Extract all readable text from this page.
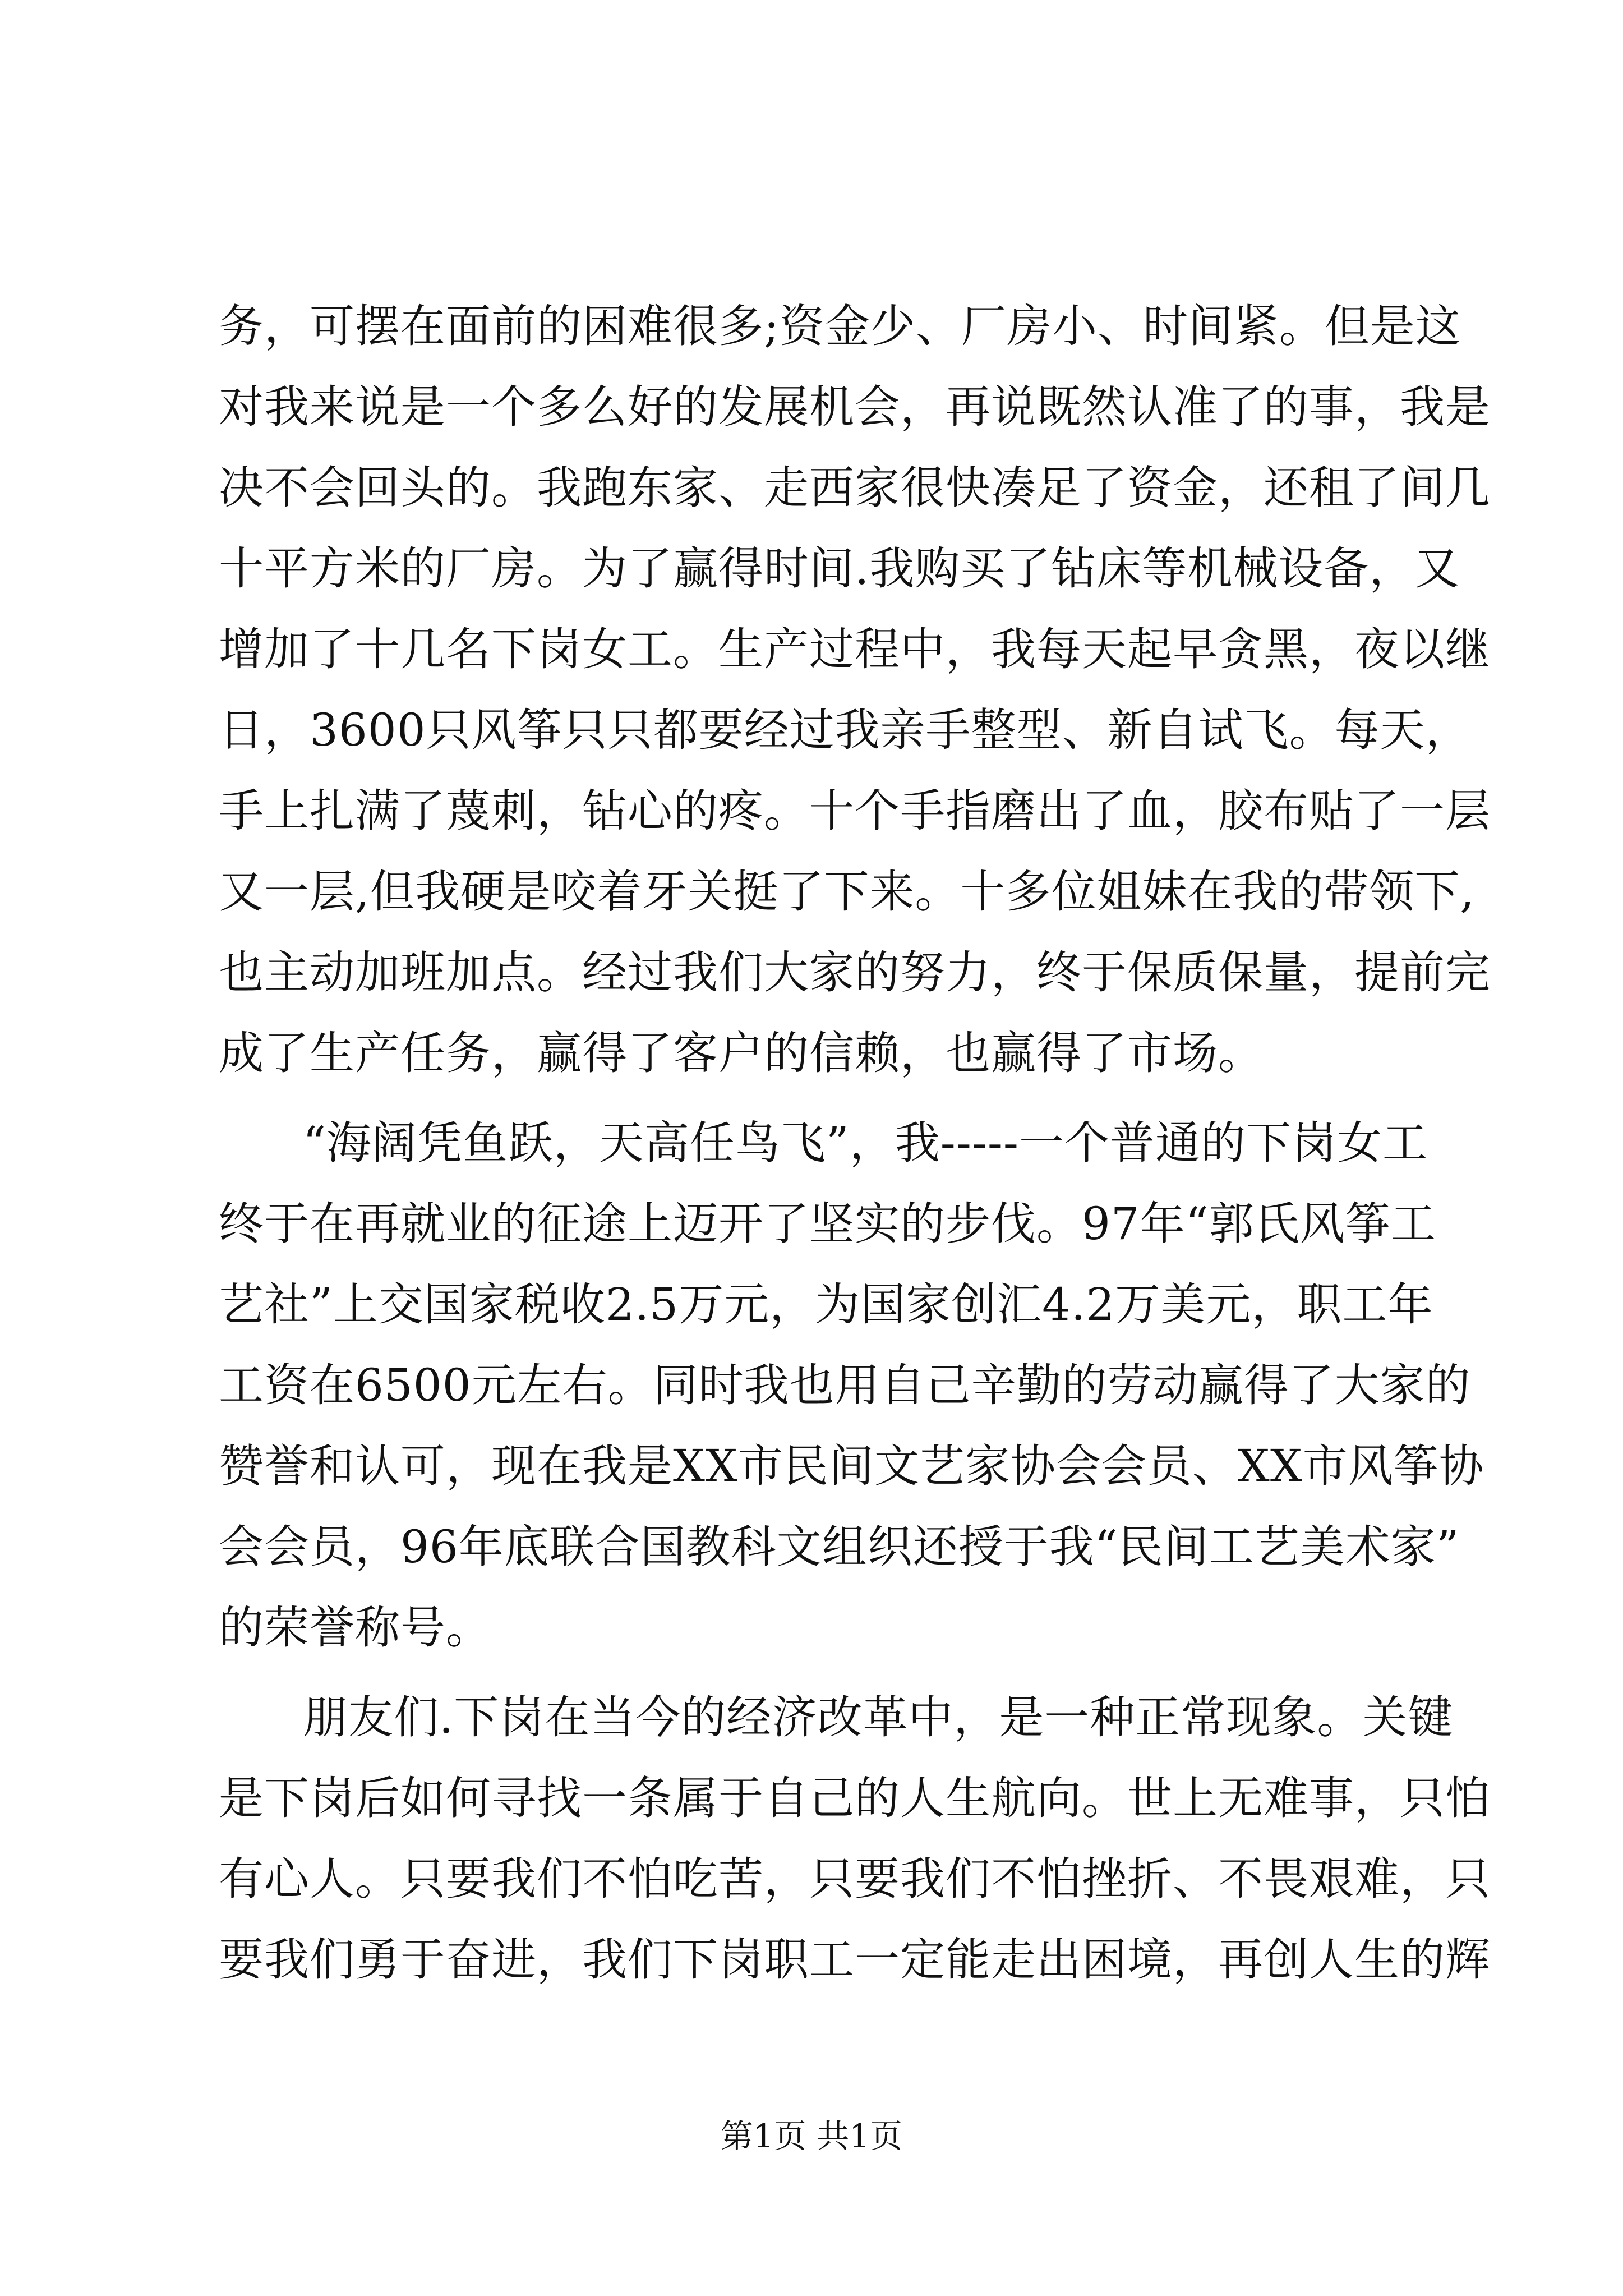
务，可摆在面前的困难很多;资金少、厂房小、时间紧。但是这
对我来说是一个多么好的发展机会，再说既然认准了的事，我是
决不会回头的。我跑东家、走西家很快凑足了资金，还租了间几
十平方米的厂房。为了赢得时间.我购买了钻床等机械设备，又
增加了十几名下岗女工。生产过程中，我每天起早贪黑，夜以继
日，3600只风筝只只都要经过我亲手整型、新自试飞。每天，
手上扎满了蔑刺，钻心的疼。十个手指磨出了血，胶布贴了一层
又一层,但我硬是咬着牙关挺了下来。十多位姐妹在我的带领下,
也主动加班加点。经过我们大家的努力，终于保质保量，提前完
成了生产任务，赢得了客户的信赖，也赢得了市场。
“海阔凭鱼跃，天高任鸟飞”，我-----一个普通的下岗女工
终于在再就业的征途上迈开了坚实的步伐。97年“郭氏风筝工
艺社”上交国家税收2.5万元，为国家创汇4.2万美元，职工年
工资在6500元左右。同时我也用自己辛勤的劳动赢得了大家的
赞誉和认可，现在我是XX市民间文艺家协会会员、XX市风筝协
会会员，96年底联合国教科文组织还授于我“民间工艺美术家”
的荣誉称号。
朋友们.下岗在当今的经济改革中，是一种正常现象。关键
是下岗后如何寻找一条属于自己的人生航向。世上无难事，只怕
有心人。只要我们不怕吃苦，只要我们不怕挫折、不畏艰难，只
要我们勇于奋进，我们下岗职工一定能走出困境，再创人生的辉
第1页 共1页
